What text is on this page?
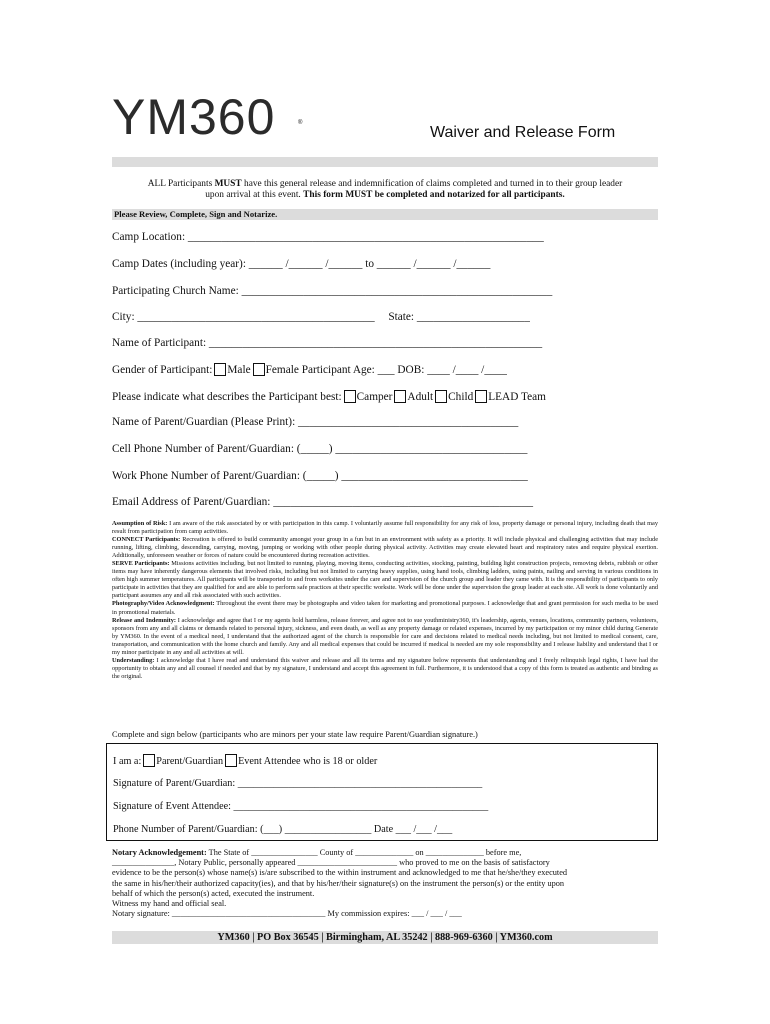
YM360	®
Waiver and Release Form
ALL Participants MUST have this general release and indemnification of claims completed and turned in to their group leader
upon arrival at this event. This form MUST be completed and notarized for all participants.
Please Review, Complete, Sign and Notarize.
Camp Location: _______________________________________________________________
Camp Dates (including year): ______ /______ /______ to ______ /______ /______
Participating Church Name: _______________________________________________________
City: __________________________________________ State: ____________________
Name of Participant: ___________________________________________________________
Gender of Participant: Male Female Participant Age: ___ DOB: ____ /____ /____
Please indicate what describes the Participant best: Camper Adult Child LEAD Team
Name of Parent/Guardian (Please Print): _______________________________________
Cell Phone Number of Parent/Guardian: (_____) __________________________________
Work Phone Number of Parent/Guardian: (_____) _________________________________
Email Address of Parent/Guardian: ______________________________________________
Assumption of Risk: I am aware of the risk associated by or with participation in this camp. I voluntarily assume full responsibility for any risk of loss, property damage or personal injury, including death that may result from participation from camp activities.
CONNECT Participants: Recreation is offered to build community amongst your group in a fun but in an environment with safety as a priority. It will include physical and challenging activities that may include running, lifting, climbing, descending, carrying, moving, jumping or working with other people during physical activity. Activities may create elevated heart and respiratory rates and require physical exertion. Additionally, unforeseen weather or forces of nature could be encountered during recreation activities.
SERVE Participants: Missions activities including, but not limited to running, playing, moving items, conducting activities, stocking, painting, building light construction projects, removing debris, rubbish or other items may have inherently dangerous elements that involved risks, including but not limited to carrying heavy supplies, using hand tools, climbing ladders, using paints, nailing and serving in various conditions in often high summer temperatures. All participants will be transported to and from worksites under the care and supervision of the church group and leader they came with. It is the responsibility of participants to only participate in activities that they are qualified for and are able to perform safe practices at their specific worksite. Work will be done under the supervision the group leader at each site. All work is done voluntarily and participant assumes any and all risk associated with such activities.
Photography/Video Acknowledgment: Throughout the event there may be photographs and video taken for marketing and promotional purposes. I acknowledge that and grant permission for such media to be used in promotional materials.
Release and Indemnity: I acknowledge and agree that I or my agents hold harmless, release forever, and agree not to sue youthministry360, it's leadership, agents, venues, locations, community partners, volunteers, sponsors from any and all claims or demands related to personal injury, sickness, and even death, as well as any property damage or related expenses, incurred by my participation or my minor child during Generate by YM360. In the event of a medical need, I understand that the authorized agent of the church is responsible for care and decisions related to medical needs including, but not limited to medical consent, care, transportation, and communication with the home church and family. Any and all medical expenses that could be incurred if medical is needed are my sole responsibility and I release liability and understand that I or my minor participate in any and all activities at will.
Understanding: I acknowledge that I have read and understand this waiver and release and all its terms and my signature below represents that understanding and I freely relinquish legal rights, I have had the opportunity to obtain any and all counsel if needed and that by my signature, I understand and accept this agreement in full. Furthermore, it is understood that a copy of this form is treated as authentic and binding as the original.
Complete and sign below (participants who are minors per your state law require Parent/Guardian signature.)
I am a: Parent/Guardian Event Attendee who is 18 or older
Signature of Parent/Guardian: ________________________________________________
Signature of Event Attendee: __________________________________________________
Phone Number of Parent/Guardian: (___) _________________ Date ___ /___ /___

Notary Acknowledgement: The State of ________________ County of ______________ on ______________ before me,

_______________, Notary Public, personally appeared ________________________ who proved to me on the basis of satisfactory

evidence to be the person(s) whose name(s) is/are subscribed to the within instrument and acknowledged to me that he/she/they executed

the same in his/her/their authorized capacity(ies), and that by his/her/their signature(s) on the instrument the person(s) or the entity upon

behalf of which the person(s) acted, executed the instrument.

Witness my hand and official seal.

Notary signature: _____________________________________ My commission expires: ___ / ___ / ___

YM360 | PO Box 36545 | Birmingham, AL 35242 | 888-969-6360 | YM360.com
